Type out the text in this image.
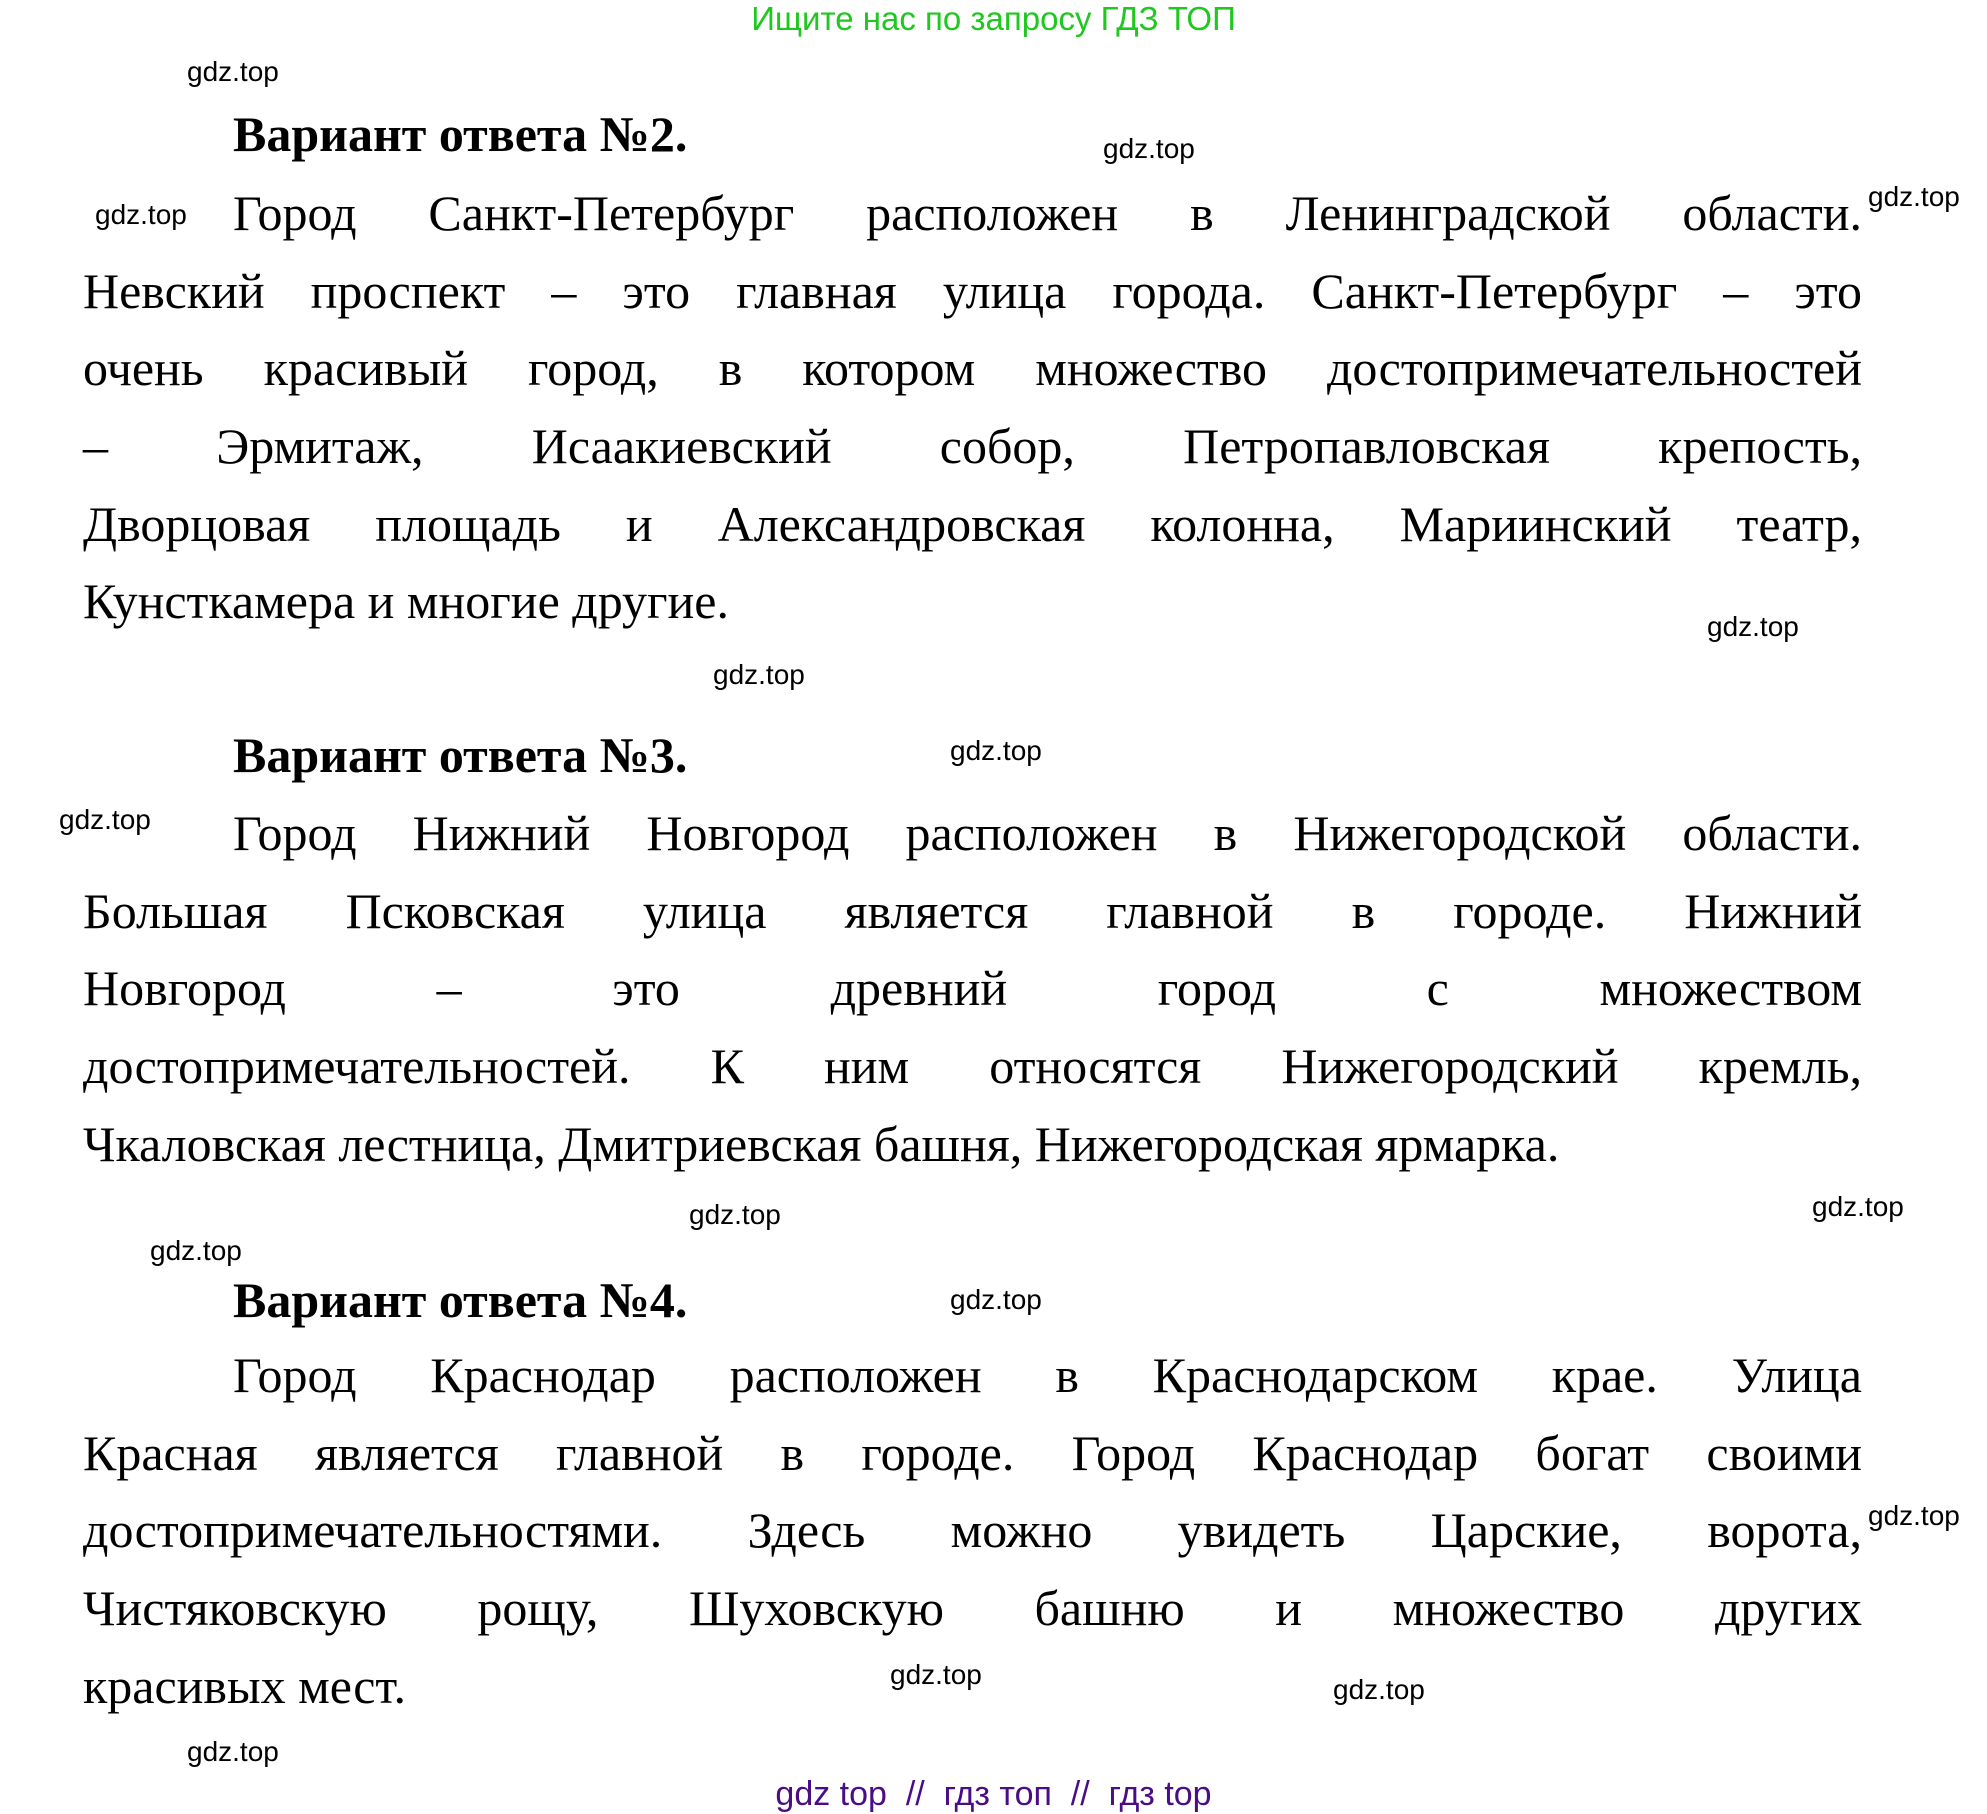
Ищите нас по запросу ГДЗ ТОП
Вариант ответа №2.
Город Санкт-Петербург расположен в Ленинградской области.
Невский проспект – это главная улица города. Санкт-Петербург – это
очень красивый город, в котором множество достопримечательностей
– Эрмитаж, Исаакиевский собор, Петропавловская крепость,
Дворцовая площадь и Александровская колонна, Мариинский театр,
Кунсткамера и многие другие.
Вариант ответа №3.
Город Нижний Новгород расположен в Нижегородской области.
Большая Псковская улица является главной в городе. Нижний
Новгород – это древний город с множеством
достопримечательностей. К ним относятся Нижегородский кремль,
Чкаловская лестница, Дмитриевская башня, Нижегородская ярмарка.
Вариант ответа №4.
Город Краснодар расположен в Краснодарском крае. Улица
Красная является главной в городе. Город Краснодар богат своими
достопримечательностями. Здесь можно увидеть Царские, ворота,
Чистяковскую рощу, Шуховскую башню и множество других
красивых мест.
gdz.top
gdz.top
gdz.top
gdz.top
gdz.top
gdz.top
gdz.top
gdz.top
gdz.top	gdz.top
gdz.top
gdz.top
gdz.top
gdz.top
gdz.top
gdz.top
gdz top  //  гдз топ  //  гдз top
